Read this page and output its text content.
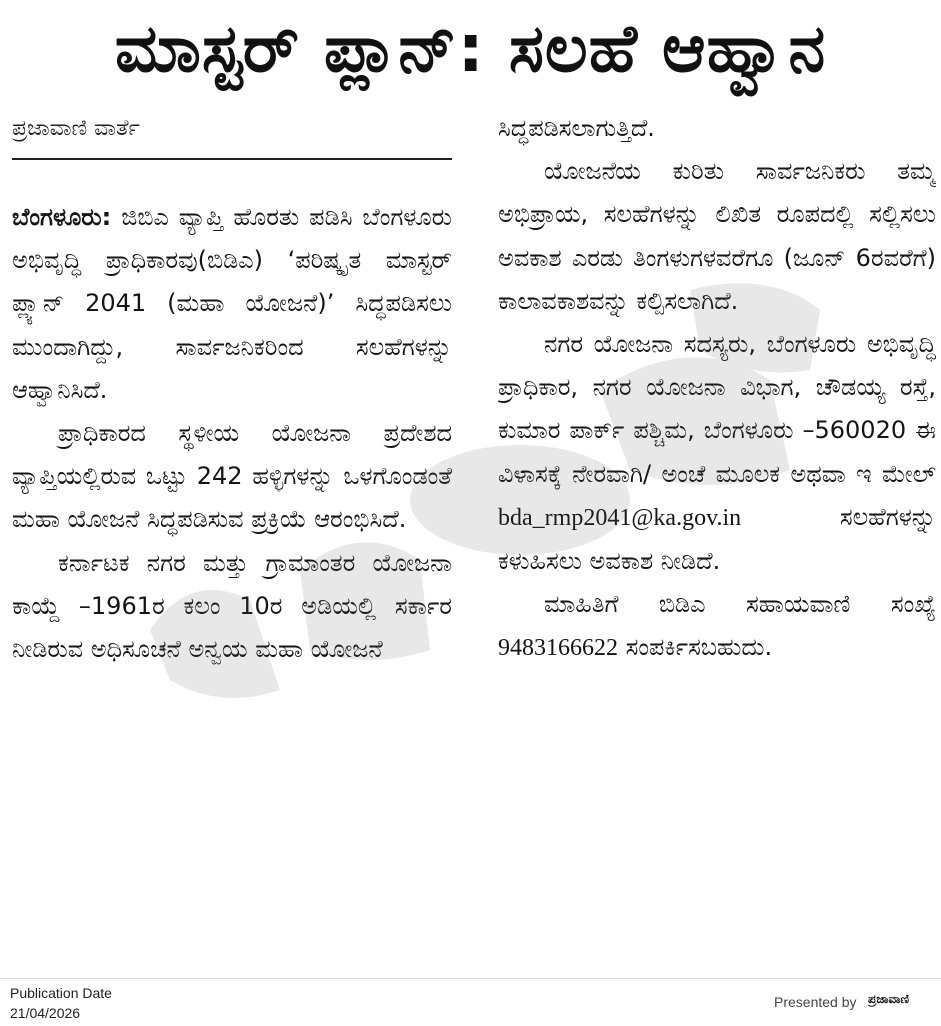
ಮಾಸ್ಟರ್ ಪ್ಲಾನ್: ಸಲಹೆ ಆಹ್ವಾನ
ಪ್ರಜಾವಾಣಿ ವಾರ್ತೆ

ಬೆಂಗಳೂರು: ಜಿಬಿಎ ವ್ಯಾಪ್ತಿ ಹೊರತು ಪಡಿಸಿ ಬೆಂಗಳೂರು ಅಭಿವೃದ್ಧಿ ಪ್ರಾಧಿಕಾರವು(ಬಿಡಿಎ) ‘ಪರಿಷ್ಕೃತ ಮಾಸ್ಟರ್ ಪ್ಲ್ಯಾನ್ 2041 (ಮಹಾ ಯೋಜನೆ)’ ಸಿದ್ಧಪಡಿಸಲು ಮುಂದಾಗಿದ್ದು, ಸಾರ್ವಜನಿಕರಿಂದ ಸಲಹೆಗಳನ್ನು ಆಹ್ವಾನಿಸಿದೆ.

ಪ್ರಾಧಿಕಾರದ ಸ್ಥಳೀಯ ಯೋಜನಾ ಪ್ರದೇಶದ ವ್ಯಾಪ್ತಿಯಲ್ಲಿರುವ ಒಟ್ಟು 242 ಹಳ್ಳಿಗಳನ್ನು ಒಳಗೊಂಡಂತೆ ಮಹಾ ಯೋಜನೆ ಸಿದ್ಧಪಡಿಸುವ ಪ್ರಕ್ರಿಯೆ ಆರಂಭಿಸಿದೆ.

ಕರ್ನಾಟಕ ನಗರ ಮತ್ತು ಗ್ರಾಮಾಂತರ ಯೋಜನಾ ಕಾಯ್ದೆ –1961ರ ಕಲಂ 10ರ ಅಡಿಯಲ್ಲಿ ಸರ್ಕಾರ ನೀಡಿರುವ ಅಧಿಸೂಚನೆ ಅನ್ವಯ ಮಹಾ ಯೋಜನೆ

ಸಿದ್ಧಪಡಿಸಲಾಗುತ್ತಿದೆ.

ಯೋಜನೆಯ ಕುರಿತು ಸಾರ್ವಜನಿಕರು ತಮ್ಮ ಅಭಿಪ್ರಾಯ, ಸಲಹೆಗಳನ್ನು ಲಿಖಿತ ರೂಪದಲ್ಲಿ ಸಲ್ಲಿಸಲು ಅವಕಾಶ ಎರಡು ತಿಂಗಳುಗಳವರೆಗೂ (ಜೂನ್ 6ರವರೆಗೆ) ಕಾಲಾವಕಾಶವನ್ನು ಕಲ್ಪಿಸಲಾಗಿದೆ.

ನಗರ ಯೋಜನಾ ಸದಸ್ಯರು, ಬೆಂಗಳೂರು ಅಭಿವೃದ್ಧಿ ಪ್ರಾಧಿಕಾರ, ನಗರ ಯೋಜನಾ ವಿಭಾಗ, ಚೌಡಯ್ಯ ರಸ್ತೆ, ಕುಮಾರ ಪಾರ್ಕ್ ಪಶ್ಚಿಮ, ಬೆಂಗಳೂರು –560020 ಈ ವಿಳಾಸಕ್ಕೆ ನೇರವಾಗಿ/ ಅಂಚೆ ಮೂಲಕ ಅಥವಾ ಇ ಮೇಲ್ bda_rmp2041@ka.gov.in	ಸಲಹೆಗಳನ್ನು ಕಳುಹಿಸಲು ಅವಕಾಶ ನೀಡಿದೆ.

ಮಾಹಿತಿಗೆ ಬಿಡಿಎ ಸಹಾಯವಾಣಿ ಸಂಖ್ಯೆ 9483166622 ಸಂಪರ್ಕಿಸಬಹುದು.

Publication Date
21/04/2026
Presented by ಪ್ರಜಾವಾಣಿ
